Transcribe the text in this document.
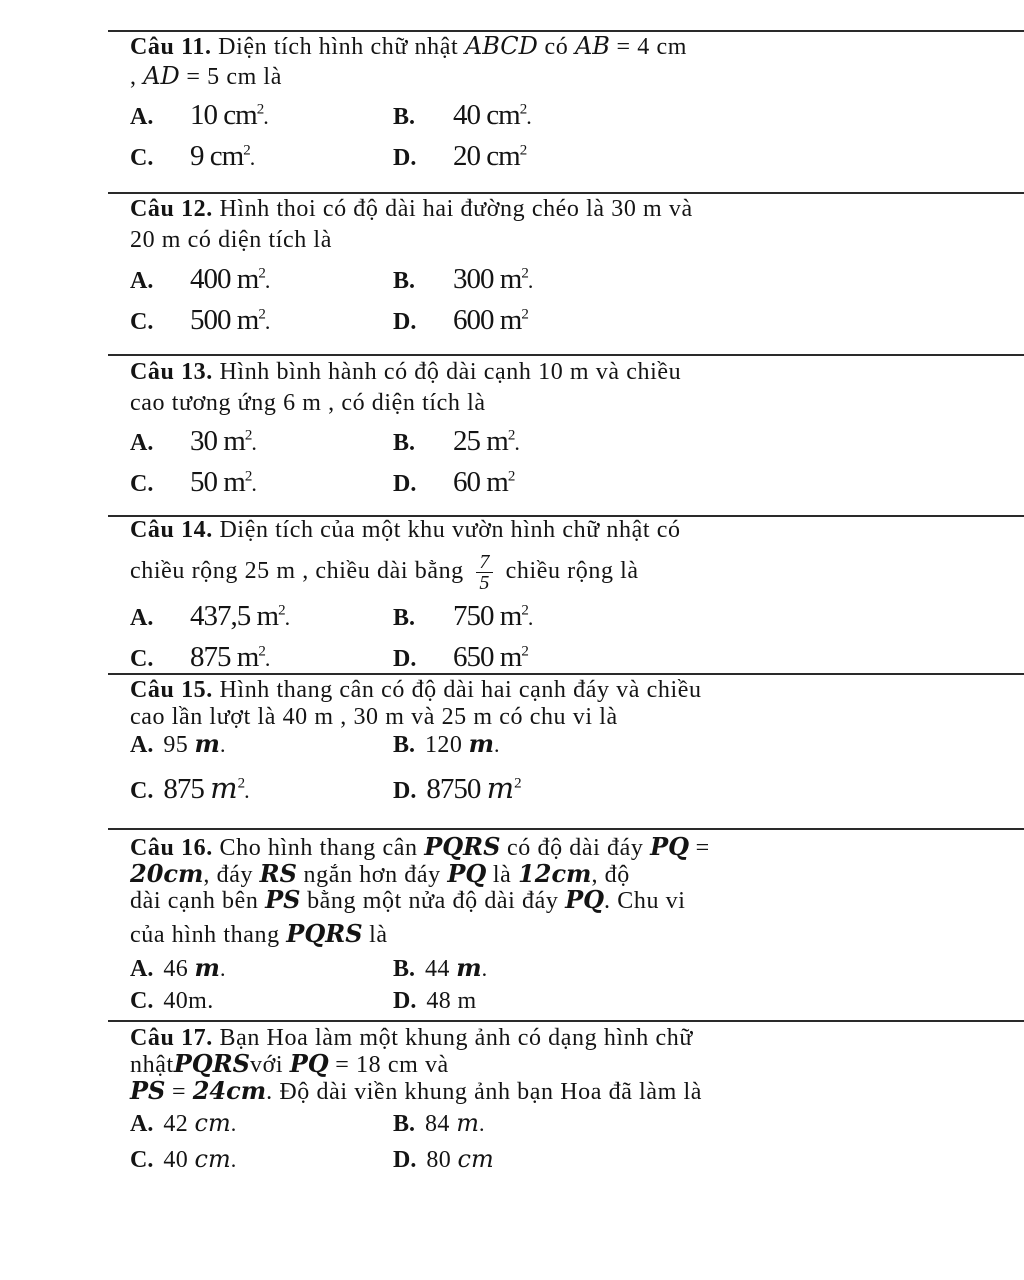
Câu 11. Diện tích hình chữ nhật ABCD có AB = 4 cm
, AD = 5 cm là
A. 10 $cm^2$.	B. 40 $cm^2$.
C. 9 $cm^2$.	D. 20 $cm^2$
Câu 12. Hình thoi có độ dài hai đường chéo là 30 m và
20 m có diện tích là
A. 400 $m^2$.	B. 300 $m^2$.
C. 500 $m^2$.	D. 600 $m^2$
Câu 13. Hình bình hành có độ dài cạnh 10 m và chiều
cao tương ứng 6 m , có diện tích là
A. 30 $m^2$.	B. 25 $m^2$.
C. 50 $m^2$.	D. 60 $m^2$
Câu 14. Diện tích của một khu vườn hình chữ nhật có
chiều rộng 25 m , chiều dài bằng $\frac{7}{5}$ chiều rộng là
A. 437,5 $m^2$.	B. 750 $m^2$.
C. 875 $m^2$.	D. 650 $m^2$
Câu 15. Hình thang cân có độ dài hai cạnh đáy và chiều
cao lần lượt là 40 m , 30 m và 25 m có chu vi là
A. 95 m.	B. 120 m.
C. 875 $m^2$.	D. 8750 $m^2$
Câu 16. Cho hình thang cân PQRS có độ dài đáy PQ =
20cm, đáy RS ngắn hơn đáy PQ là 12cm, độ
dài cạnh bên PS bằng một nửa độ dài đáy PQ. Chu vi
của hình thang PQRS là
A. 46 m.	B. 44 m.
C. 40m.	D. 48 m
Câu 17. Bạn Hoa làm một khung ảnh có dạng hình chữ
nhậtPQRSvới PQ = 18 cm và
PS = 24cm. Độ dài viền khung ảnh bạn Hoa đã làm là
A. 42 cm.	B. 84 m.
C. 40 cm.	D. 80 cm
